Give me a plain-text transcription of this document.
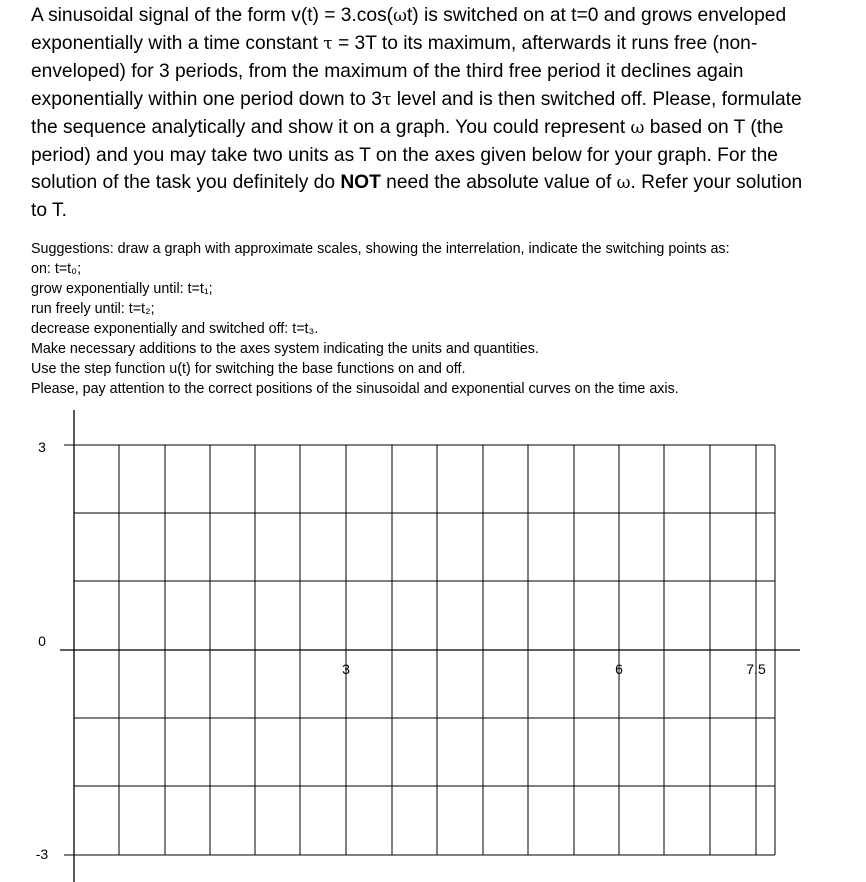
A sinusoidal signal of the form v(t) = 3.cos(ωt) is switched on at t=0 and grows enveloped exponentially with a time constant τ = 3T to its maximum, afterwards it runs free (non-enveloped) for 3 periods, from the maximum of the third free period it declines again exponentially within one period down to 3τ level and is then switched off. Please, formulate the sequence analytically and show it on a graph. You could represent ω based on T (the period) and you may take two units as T on the axes given below for your graph. For the solution of the task you definitely do NOT need the absolute value of ω. Refer your solution to T.

Suggestions: draw a graph with approximate scales, showing the interrelation, indicate the switching points as:
on: t=t₀;
grow exponentially until: t=t₁;
run freely until: t=t₂;
decrease exponentially and switched off: t=t₃.
Make necessary additions to the axes system indicating the units and quantities.
Use the step function u(t) for switching the base functions on and off.
Please, pay attention to the correct positions of the sinusoidal and exponential curves on the time axis.
3
0
-3
3	6	7.5
